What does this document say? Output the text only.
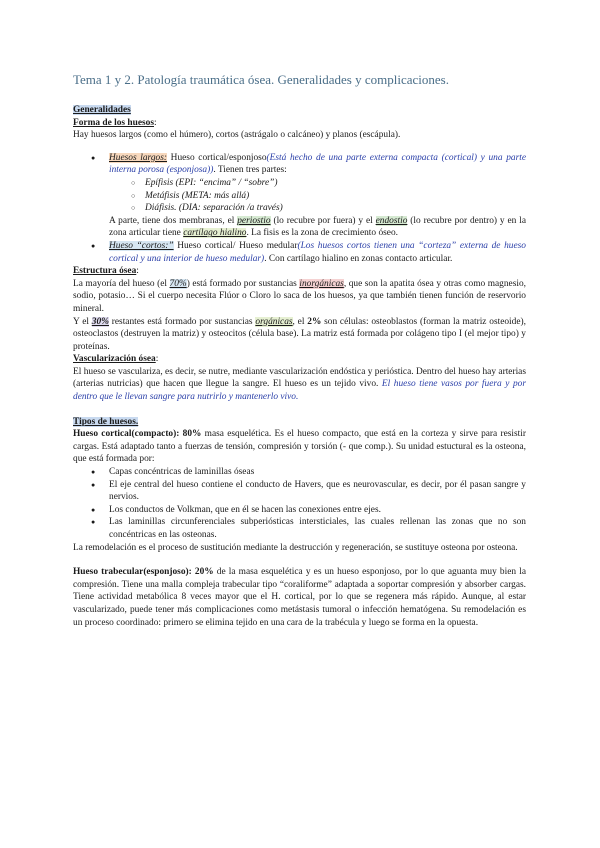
Tema 1 y 2. Patología traumática ósea. Generalidades y complicaciones.

Generalidades

Forma de los huesos:

Hay huesos largos (como el húmero), cortos (astrágalo o calcáneo) y planos (escápula).

● Huesos largos: Hueso cortical/esponjoso(Está hecho de una parte externa compacta (cortical) y una parte interna porosa (esponjosa)). Tienen tres partes:

○ Epífisis (EPI: “encima” / “sobre”)
○ Metáfisis (META: más allá)
○ Diáfisis. (DIA: separación /a través)

A parte, tiene dos membranas, el periostio (lo recubre por fuera) y el endostio (lo recubre por dentro) y en la zona articular tiene cartílago hialino. La fisis es la zona de crecimiento óseo.

● Hueso “cortos:” Hueso cortical/ Hueso medular(Los huesos cortos tienen una “corteza” externa de hueso cortical y una interior de hueso medular). Con cartílago hialino en zonas contacto articular.

Estructura ósea:

La mayoría del hueso (el 70%) está formado por sustancias inorgánicas, que son la apatita ósea y otras como magnesio, sodio, potasio… Si el cuerpo necesita Flúor o Cloro lo saca de los huesos, ya que también tienen función de reservorio mineral.

Y el 30% restantes está formado por sustancias orgánicas, el 2% son células: osteoblastos (forman la matriz osteoide), osteoclastos (destruyen la matriz) y osteocitos (célula base). La matriz está formada por colágeno tipo I (el mejor tipo) y proteínas.

Vascularización ósea:

El hueso se vasculariza, es decir, se nutre, mediante vascularización endóstica y perióstica. Dentro del hueso hay arterias (arterias nutricias) que hacen que llegue la sangre. El hueso es un tejido vivo. El hueso tiene vasos por fuera y por dentro que le llevan sangre para nutrirlo y mantenerlo vivo.

Tipos de huesos.

Hueso cortical(compacto): 80% masa esquelética. Es el hueso compacto, que está en la corteza y sirve para resistir cargas. Está adaptado tanto a fuerzas de tensión, compresión y torsión (- que comp.). Su unidad estuctural es la osteona, que está formada por:

● Capas concéntricas de laminillas óseas
● El eje central del hueso contiene el conducto de Havers, que es neurovascular, es decir, por él pasan sangre y nervios.
● Los conductos de Volkman, que en él se hacen las conexiones entre ejes.
● Las laminillas circunferenciales subperiósticas intersticiales, las cuales rellenan las zonas que no son concéntricas en las osteonas.

La remodelación es el proceso de sustitución mediante la destrucción y regeneración, se sustituye osteona por osteona.

Hueso trabecular(esponjoso): 20% de la masa esquelética y es un hueso esponjoso, por lo que aguanta muy bien la compresión. Tiene una malla compleja trabecular tipo “coraliforme” adaptada a soportar compresión y absorber cargas. Tiene actividad metabólica 8 veces mayor que el H. cortical, por lo que se regenera más rápido. Aunque, al estar vascularizado, puede tener más complicaciones como metástasis tumoral o infección hematógena. Su remodelación es un proceso coordinado: primero se elimina tejido en una cara de la trabécula y luego se forma en la opuesta.
